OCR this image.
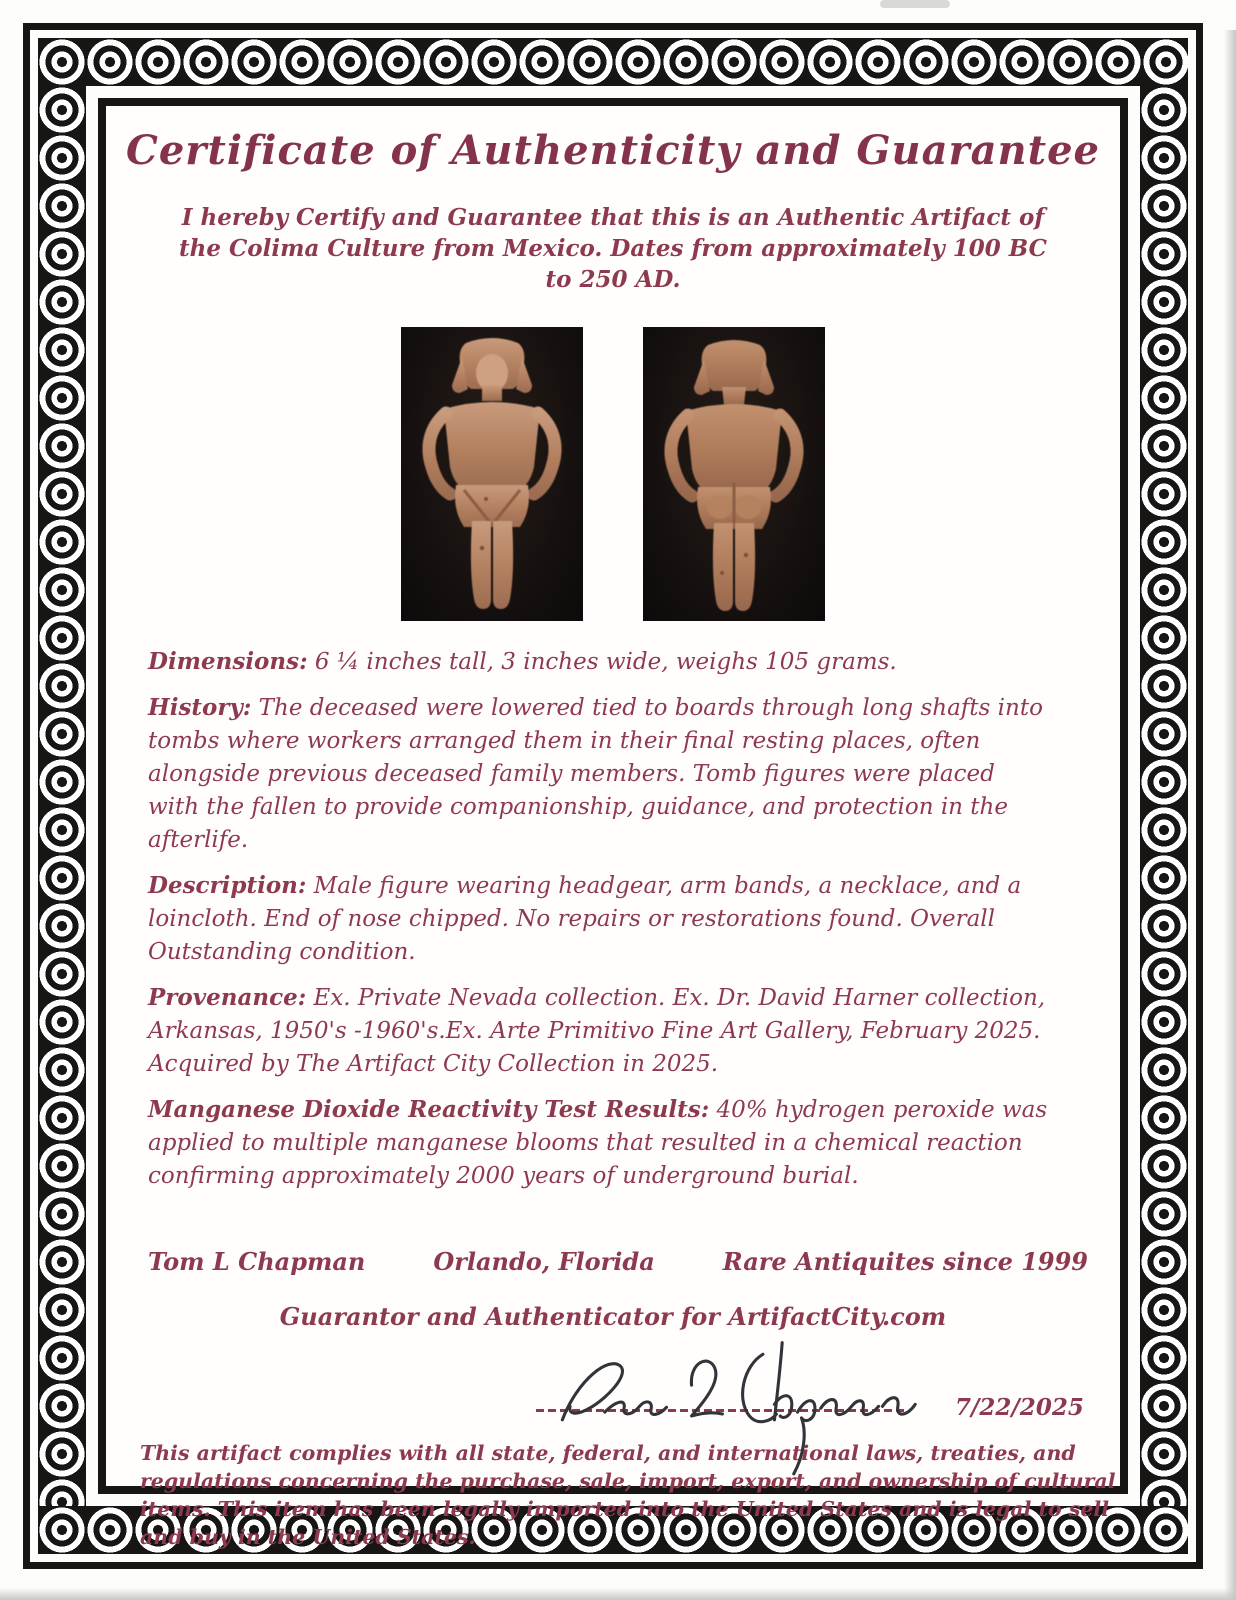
Certificate of Authenticity and Guarantee
I hereby Certify and Guarantee that this is an Authentic Artifact of the Colima Culture from Mexico. Dates from approximately 100 BC to 250 AD.

Dimensions: 6 ¼ inches tall, 3 inches wide, weighs 105 grams.

History: The deceased were lowered tied to boards through long shafts into tombs where workers arranged them in their final resting places, often alongside previous deceased family members. Tomb figures were placed with the fallen to provide companionship, guidance, and protection in the afterlife.

Description: Male figure wearing headgear, arm bands, a necklace, and a loincloth. End of nose chipped. No repairs or restorations found. Overall Outstanding condition.

Provenance: Ex. Private Nevada collection. Ex. Dr. David Harner collection, Arkansas, 1950's -1960's.Ex. Arte Primitivo Fine Art Gallery, February 2025. Acquired by The Artifact City Collection in 2025.

Manganese Dioxide Reactivity Test Results: 40% hydrogen peroxide was applied to multiple manganese blooms that resulted in a chemical reaction confirming approximately 2000 years of underground burial.

Tom L Chapman	Orlando, Florida	Rare Antiquites since 1999
Guarantor and Authenticator for ArtifactCity.com
7/22/2025

This artifact complies with all state, federal, and international laws, treaties, and regulations concerning the purchase, sale, import, export, and ownership of cultural items. This item has been legally imported into the United States and is legal to sell and buy in the United States.
